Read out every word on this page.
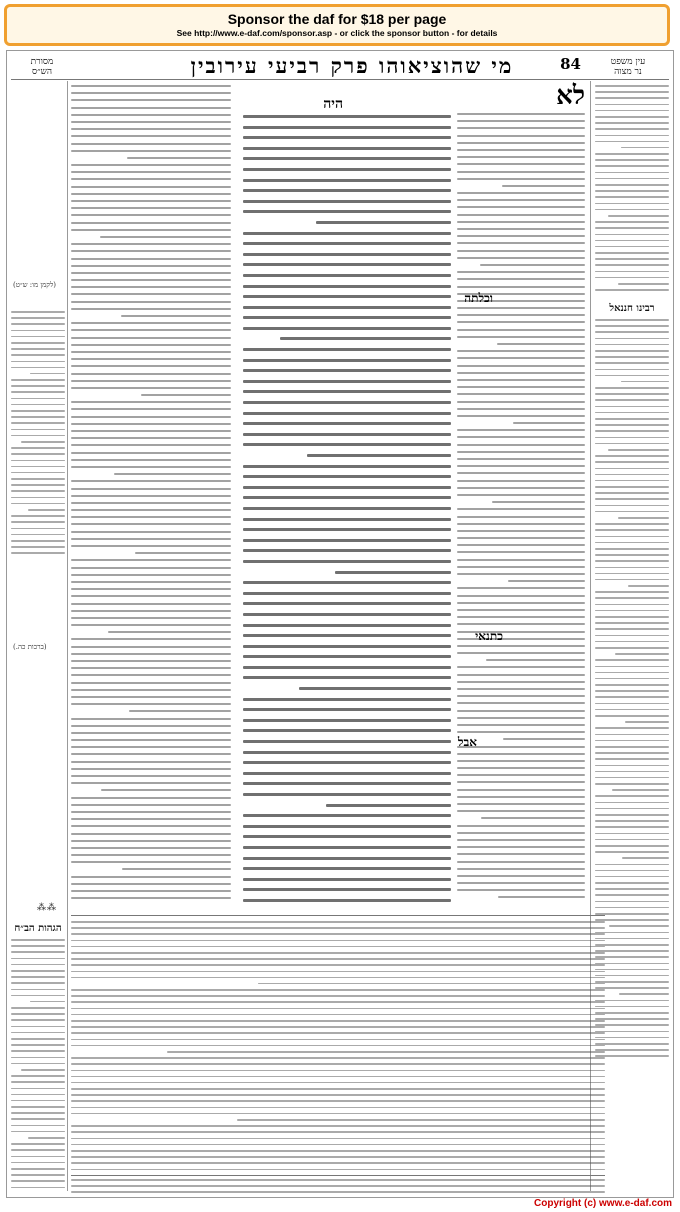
Sponsor the daf for $18 per page
See http://www.e-daf.com/sponsor.asp - or click the sponsor button - for details
עין משפט
נר מצוה
מסורת
הש״ס	84
מי שהוציאוהו פרק רביעי עירובין
רבינו חננאל
לא
וכלתה
כתנאי
אבל
היה
⁂⁂
(לקמן מו: ש״ט)
(ברכות כה.)
הגהות הב״ח
Copyright (c) www.e-daf.com
